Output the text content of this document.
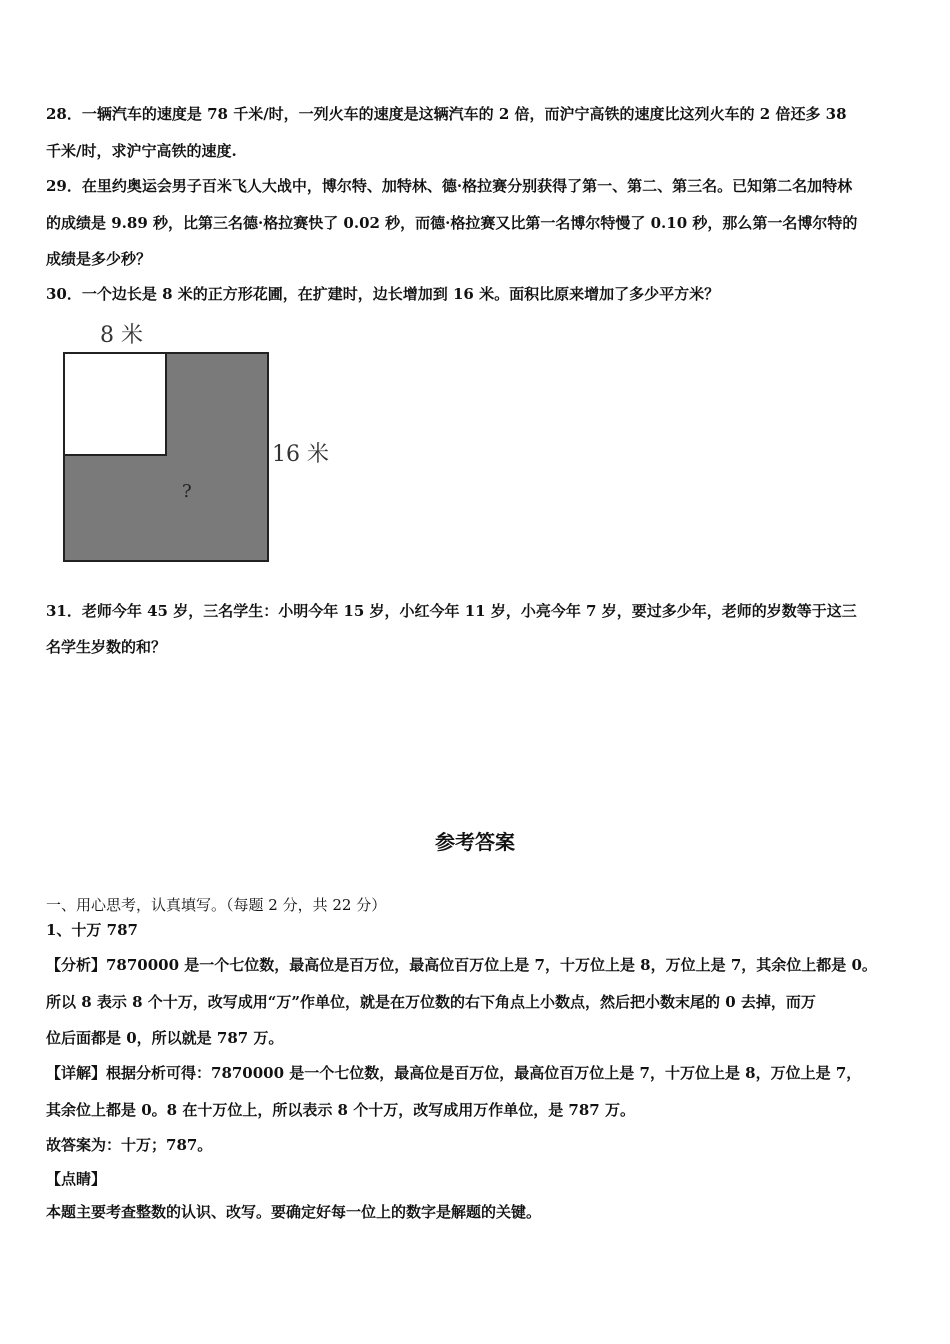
28．一辆汽车的速度是 78 千米/时，一列火车的速度是这辆汽车的 2 倍，而沪宁高铁的速度比这列火车的 2 倍还多 38
千米/时，求沪宁高铁的速度.
29．在里约奥运会男子百米飞人大战中，博尔特、加特林、德·格拉赛分别获得了第一、第二、第三名。已知第二名加特林
的成绩是 9.89 秒，比第三名德·格拉赛快了 0.02 秒，而德·格拉赛又比第一名博尔特慢了 0.10 秒，那么第一名博尔特的
成绩是多少秒？
30．一个边长是 8 米的正方形花圃，在扩建时，边长增加到 16 米。面积比原来增加了多少平方米？
8 米
16 米
?
31．老师今年 45 岁，三名学生：小明今年 15 岁，小红今年 11 岁，小亮今年 7 岁，要过多少年，老师的岁数等于这三
名学生岁数的和？
参考答案
一、用心思考，认真填写。（每题 2 分，共 22 分）
1、十万 787
【分析】7870000 是一个七位数，最高位是百万位，最高位百万位上是 7，十万位上是 8，万位上是 7，其余位上都是 0。
所以 8 表示 8 个十万，改写成用“万”作单位，就是在万位数的右下角点上小数点，然后把小数末尾的 0 去掉，而万
位后面都是 0，所以就是 787 万。
【详解】根据分析可得：7870000 是一个七位数，最高位是百万位，最高位百万位上是 7，十万位上是 8，万位上是 7，
其余位上都是 0。8 在十万位上，所以表示 8 个十万，改写成用万作单位，是 787 万。
故答案为：十万；787。
【点睛】
本题主要考查整数的认识、改写。要确定好每一位上的数字是解题的关键。
